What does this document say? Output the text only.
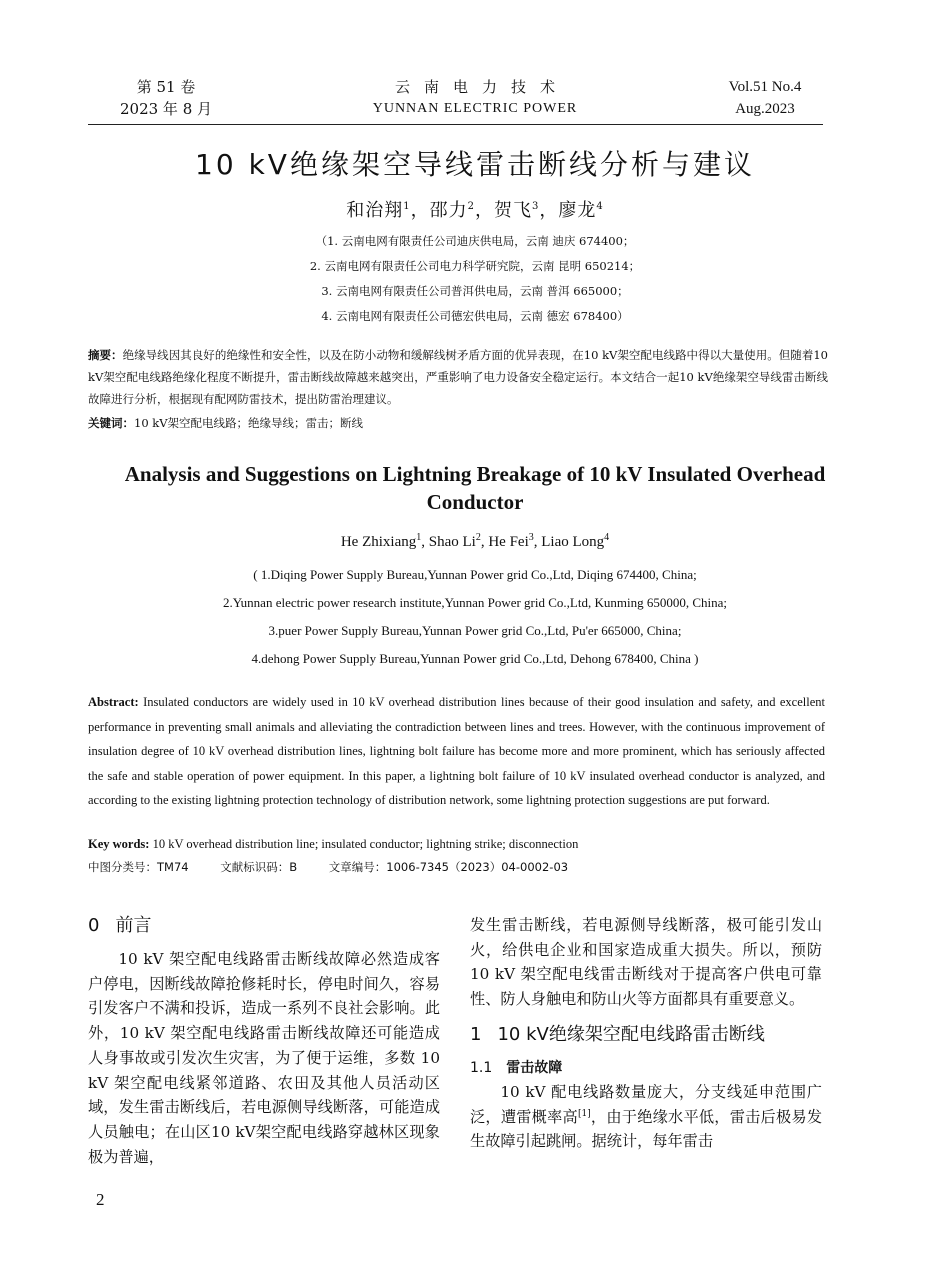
第 51 卷
2023 年 8 月
云南电力技术
YUNNAN ELECTRIC POWER
Vol.51 No.4
Aug.2023
10 kV绝缘架空导线雷击断线分析与建议
和治翔$^1$，邵力$^2$，贺飞$^3$，廖龙$^4$
（1. 云南电网有限责任公司迪庆供电局，云南 迪庆 674400；
2. 云南电网有限责任公司电力科学研究院，云南 昆明 650214；
3. 云南电网有限责任公司普洱供电局，云南 普洱 665000；
4. 云南电网有限责任公司德宏供电局，云南 德宏 678400）
摘要：绝缘导线因其良好的绝缘性和安全性，以及在防小动物和缓解线树矛盾方面的优异表现，在10 kV架空配电线路中得以大量使用。但随着10 kV架空配电线路绝缘化程度不断提升，雷击断线故障越来越突出，严重影响了电力设备安全稳定运行。本文结合一起10 kV绝缘架空导线雷击断线故障进行分析，根据现有配网防雷技术，提出防雷治理建议。
关键词：10 kV架空配电线路；绝缘导线；雷击；断线
Analysis and Suggestions on Lightning Breakage of 10 kV Insulated Overhead Conductor
He Zhixiang$^1$, Shao Li$^2$, He Fei$^3$, Liao Long$^4$
( 1.Diqing Power Supply Bureau,Yunnan Power grid Co.,Ltd, Diqing 674400, China;
2.Yunnan electric power research institute,Yunnan Power grid Co.,Ltd, Kunming 650000, China;
3.puer Power Supply Bureau,Yunnan Power grid Co.,Ltd, Pu'er 665000, China;
4.dehong Power Supply Bureau,Yunnan Power grid Co.,Ltd, Dehong 678400, China )
Abstract: Insulated conductors are widely used in 10 kV overhead distribution lines because of their good insulation and safety, and excellent performance in preventing small animals and alleviating the contradiction between lines and trees. However, with the continuous improvement of insulation degree of 10 kV overhead distribution lines, lightning bolt failure has become more and more prominent, which has seriously affected the safe and stable operation of power equipment. In this paper, a lightning bolt failure of 10 kV insulated overhead conductor is analyzed, and according to the existing lightning protection technology of distribution network, some lightning protection suggestions are put forward.
Key words: 10 kV overhead distribution line; insulated conductor; lightning strike; disconnection
中图分类号：TM74	文献标识码：B	文章编号：1006-7345（2023）04-0002-03
0 前言

10 kV 架空配电线路雷击断线故障必然造成客户停电，因断线故障抢修耗时长，停电时间久，容易引发客户不满和投诉，造成一系列不良社会影响。此外，10 kV 架空配电线路雷击断线故障还可能造成人身事故或引发次生灾害，为了便于运维，多数 10 kV 架空配电线紧邻道路、农田及其他人员活动区域，发生雷击断线后，若电源侧导线断落，可能造成人员触电；在山区10 kV架空配电线路穿越林区现象极为普遍，

发生雷击断线，若电源侧导线断落，极可能引发山火，给供电企业和国家造成重大损失。所以，预防 10 kV 架空配电线雷击断线对于提高客户供电可靠性、防人身触电和防山火等方面都具有重要意义。

1 10 kV绝缘架空配电线路雷击断线
1.1 雷击故障

10 kV 配电线路数量庞大，分支线延申范围广泛，遭雷概率高[1]，由于绝缘水平低，雷击后极易发生故障引起跳闸。据统计，每年雷击

2
